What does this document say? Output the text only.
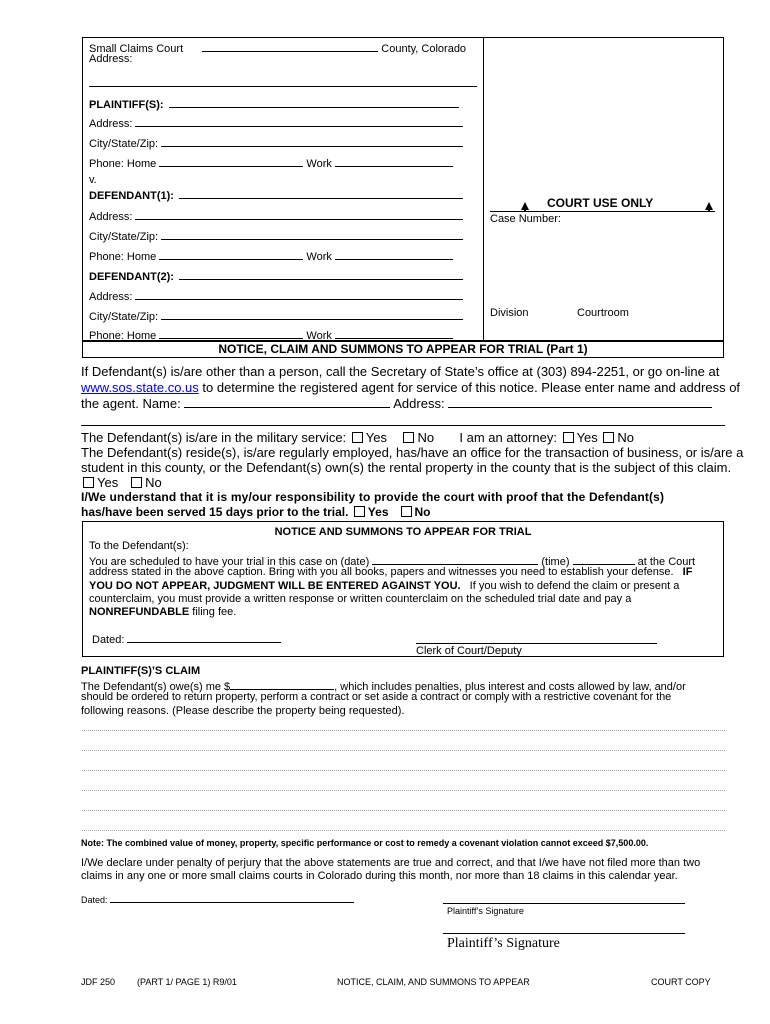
Small Claims Court	County, Colorado
Address:
PLAINTIFF(S):
Address:
City/State/Zip:
Phone: Home	Work
v.
DEFENDANT(1):
Address:
City/State/Zip:
Phone: Home	Work
DEFENDANT(2):
Address:
City/State/Zip:
Phone: Home	Work

COURT USE ONLY
Case Number:
Division	Courtroom
NOTICE, CLAIM AND SUMMONS TO APPEAR FOR TRIAL (Part 1)
If Defendant(s) is/are other than a person, call the Secretary of State’s office at (303) 894-2251, or go on-line at
www.sos.state.co.us to determine the registered agent for service of this notice. Please enter name and address of
the agent. Name:	Address:
The Defendant(s) is/are in the military service: Yes No I am an attorney: Yes No
The Defendant(s) reside(s), is/are regularly employed, has/have an office for the transaction of business, or is/are a
student in this county, or the Defendant(s) own(s) the rental property in the county that is the subject of this claim.
Yes No
I/We understand that it is my/our responsibility to provide the court with proof that the Defendant(s)
has/have been served 15 days prior to the trial. Yes No
NOTICE AND SUMMONS TO APPEAR FOR TRIAL
To the Defendant(s):
You are scheduled to have your trial in this case on (date)	(time)	at the Court
address stated in the above caption. Bring with you all books, papers and witnesses you need to establish your defense. IF
YOU DO NOT APPEAR, JUDGMENT WILL BE ENTERED AGAINST YOU. If you wish to defend the claim or present a
counterclaim, you must provide a written response or written counterclaim on the scheduled trial date and pay a
NONREFUNDABLE filing fee.
Dated:
Clerk of Court/Deputy
PLAINTIFF(S)’S CLAIM
The Defendant(s) owe(s) me $	, which includes penalties, plus interest and costs allowed by law, and/or
should be ordered to return property, perform a contract or set aside a contract or comply with a restrictive covenant for the
following reasons. (Please describe the property being requested).
Note: The combined value of money, property, specific performance or cost to remedy a covenant violation cannot exceed $7,500.00.
I/We declare under penalty of perjury that the above statements are true and correct, and that I/we have not filed more than two
claims in any one or more small claims courts in Colorado during this month, nor more than 18 claims in this calendar year.
Dated:
Plaintiff’s Signature
Plaintiff’s Signature
JDF 250 (PART 1/ PAGE 1) R9/01	NOTICE, CLAIM, AND SUMMONS TO APPEAR	COURT COPY
